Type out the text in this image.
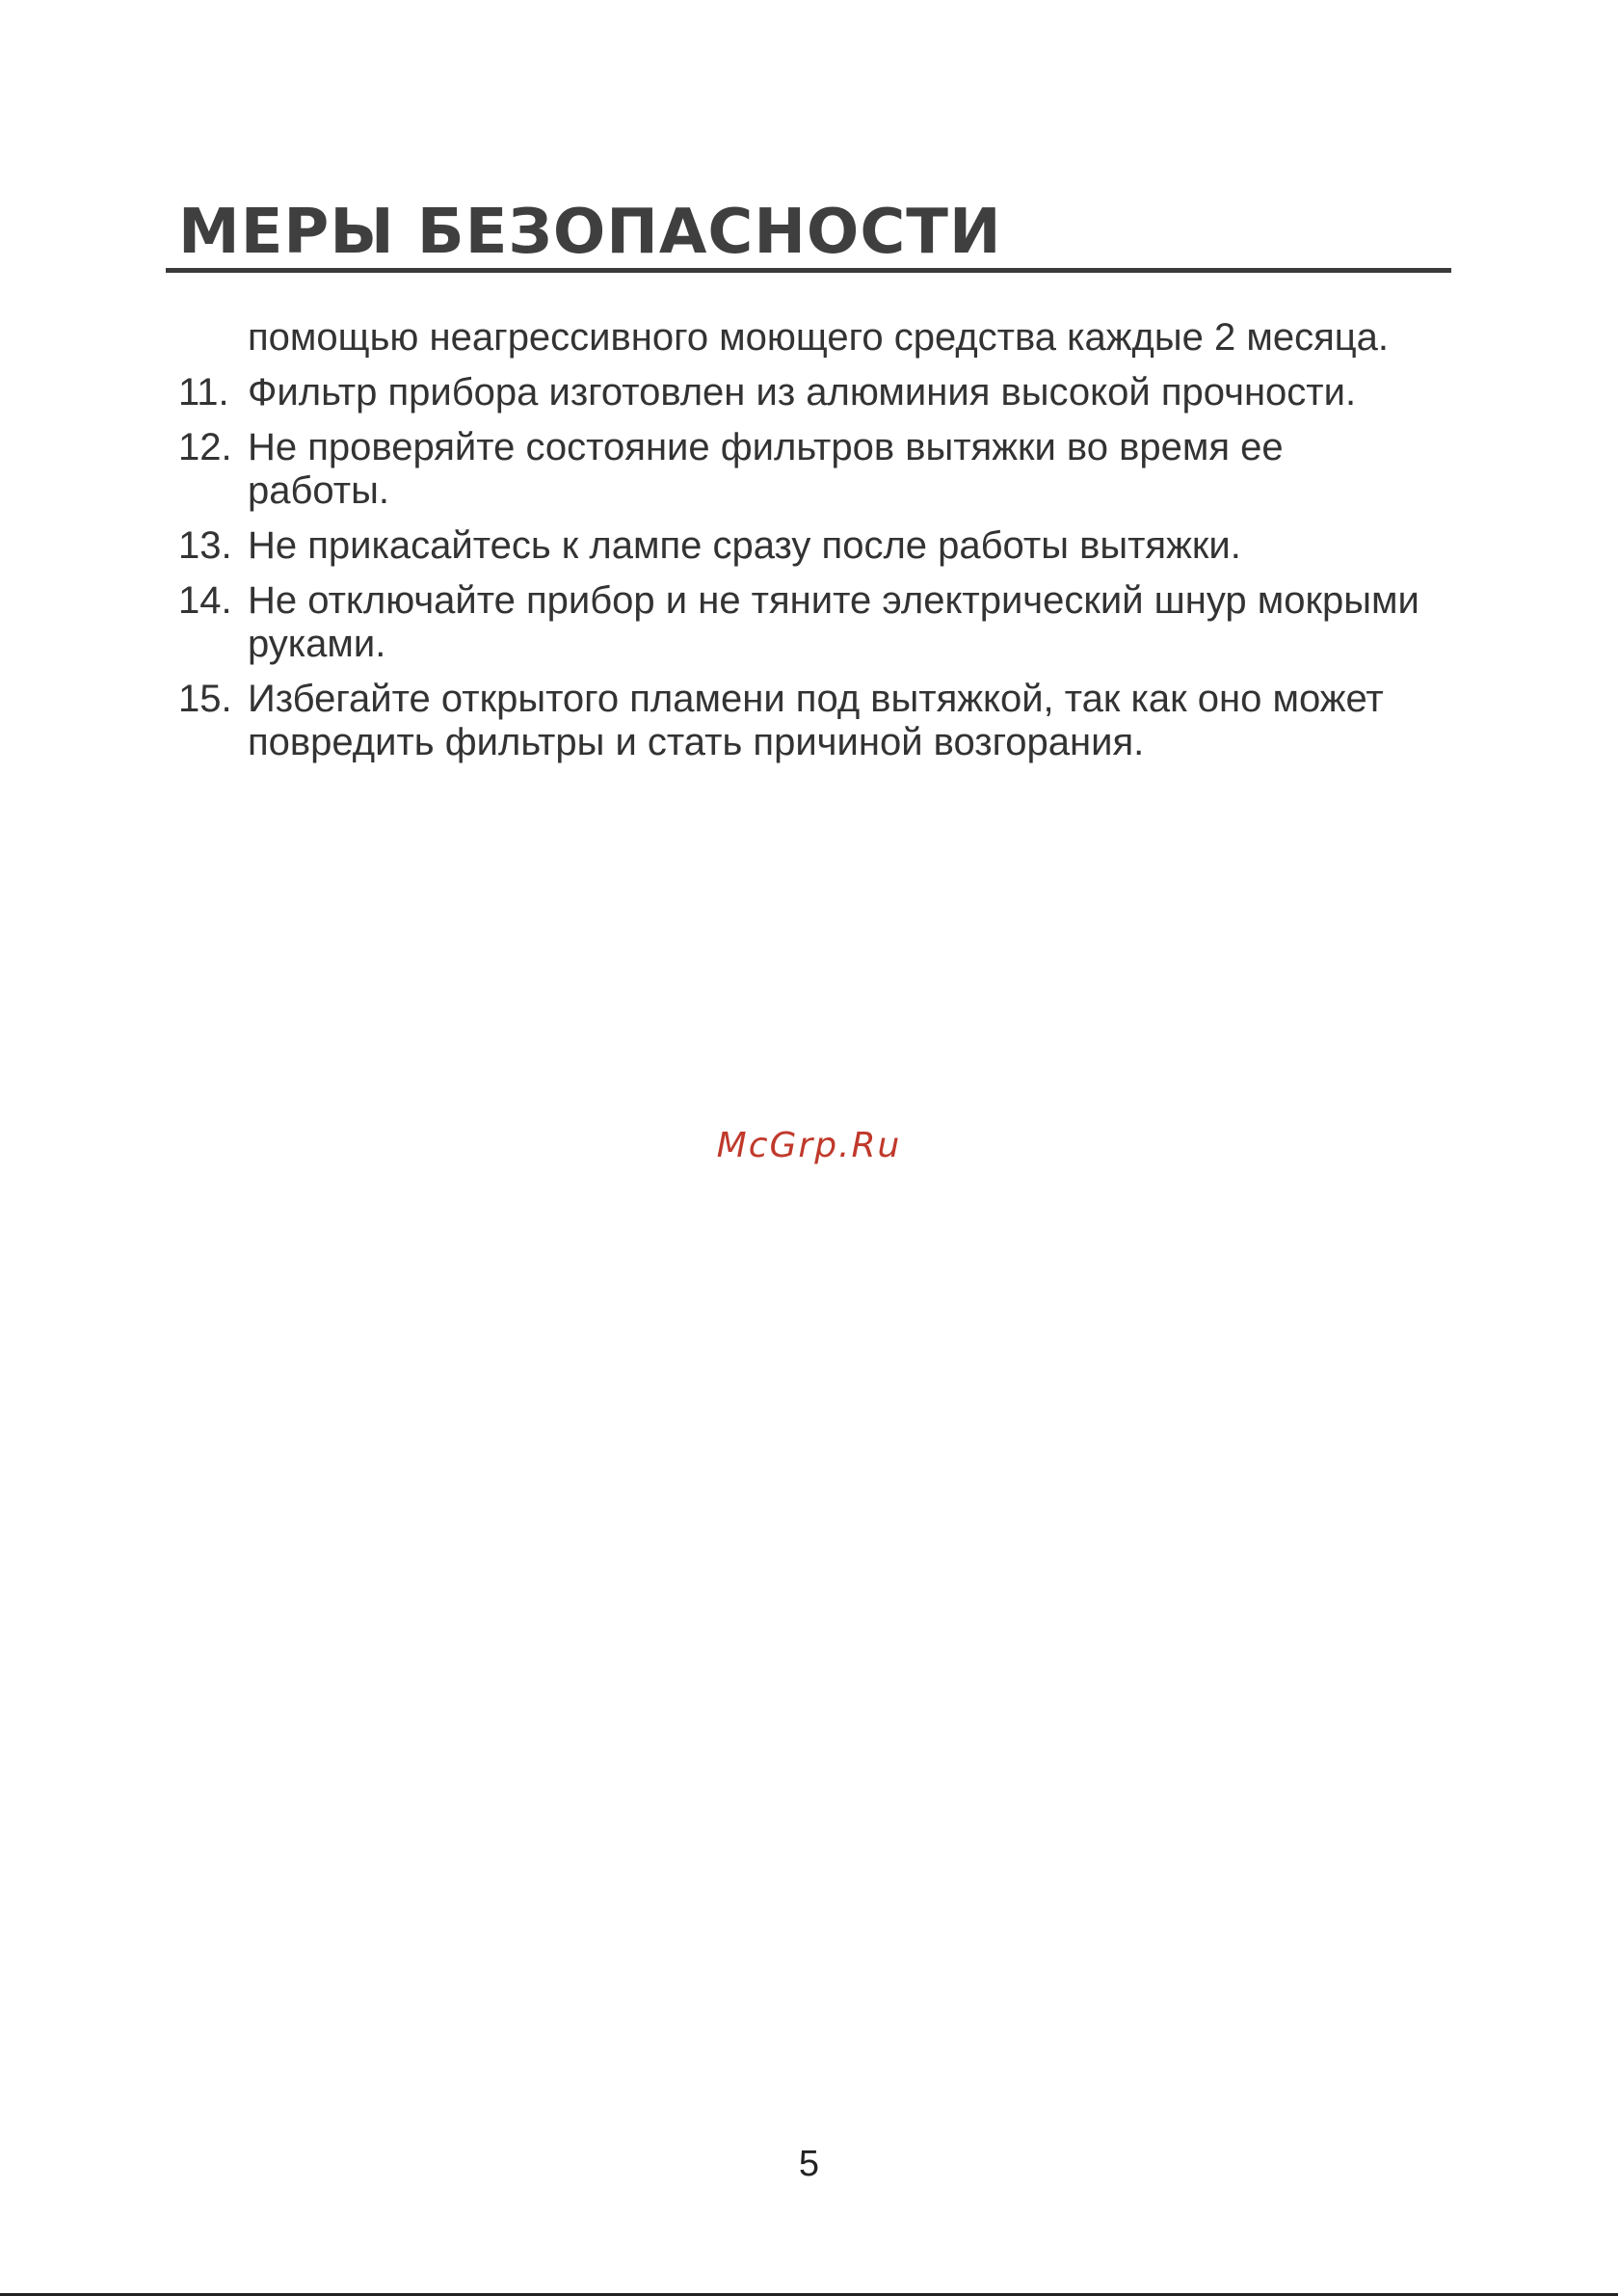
МЕРЫ БЕЗОПАСНОСТИ

помощью неагрессивного моющего средства каждые 2 месяца.

11. Фильтр прибора изготовлен из алюминия высокой прочности.
12. Не проверяйте состояние фильтров вытяжки во время ее работы.
13. Не прикасайтесь к лампе сразу после работы вытяжки.
14. Не отключайте прибор и не тяните электрический шнур мокрыми руками.
15. Избегайте открытого пламени под вытяжкой, так как оно может повредить фильтры и стать причиной возгорания.
McGrp.Ru
5
